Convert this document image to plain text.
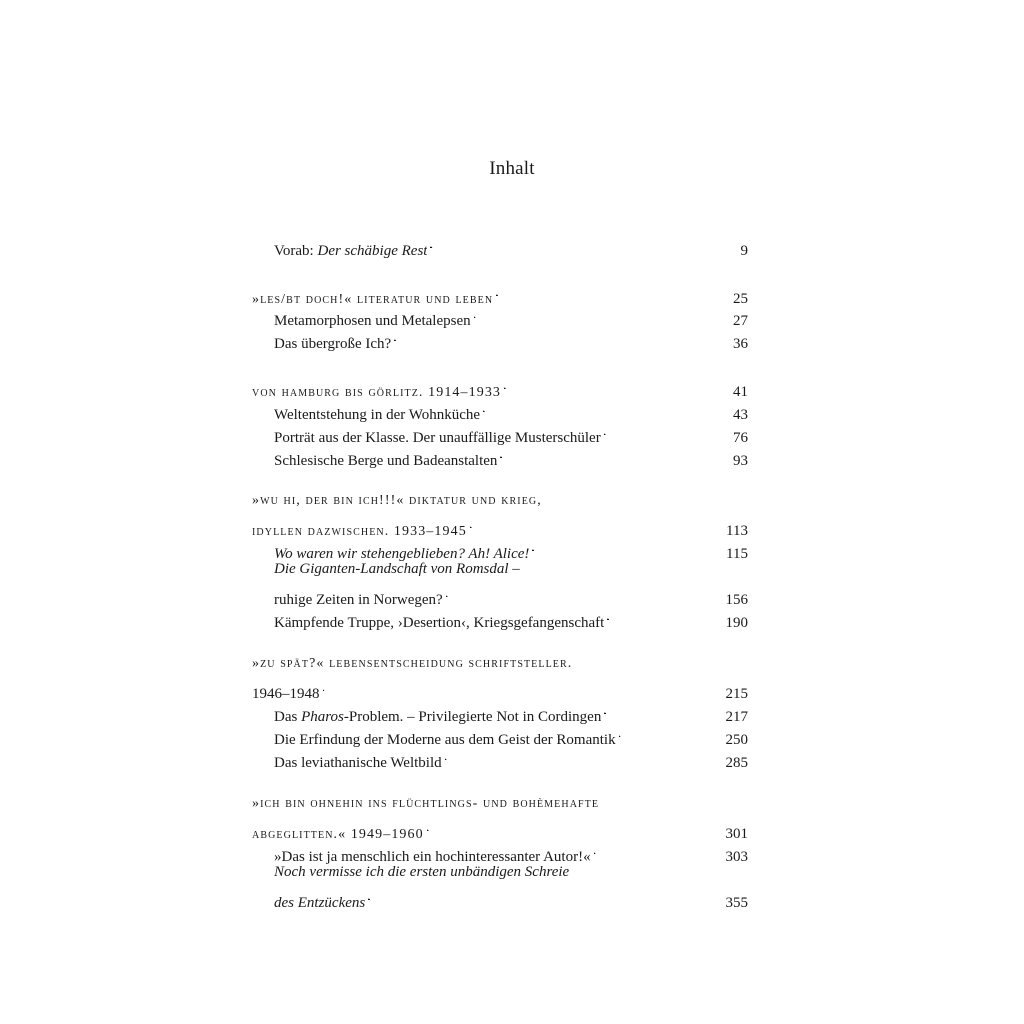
Inhalt
Vorab: Der schäbige Rest . . .	9
»les/bt doch!« literatur und leben . . .	25
Metamorphosen und Metalepsen . . .	27
Das übergroße Ich? . . .	36
von hamburg bis görlitz. 1914–1933 . . .	41
Weltentstehung in der Wohnküche . . .	43
Porträt aus der Klasse. Der unauffällige Musterschüler . . .	76
Schlesische Berge und Badeanstalten . . .	93
»wu hi, der bin ich!!!« diktatur und krieg,
idyllen dazwischen. 1933–1945 . . .	113
Wo waren wir stehengeblieben? Ah! Alice! . . .	115
Die Giganten-Landschaft von Romsdal –
ruhige Zeiten in Norwegen? . . .	156
Kämpfende Truppe, ›Desertion‹, Kriegsgefangenschaft . . .	190
»zu spät?« lebensentscheidung schriftsteller.
1946–1948 . . .	215
Das Pharos-Problem. – Privilegierte Not in Cordingen . . .	217
Die Erfindung der Moderne aus dem Geist der Romantik . . .	250
Das leviathanische Weltbild . . .	285
»ich bin ohnehin ins flüchtlings- und bohèmehafte
abgeglitten.« 1949–1960 . . .	301
»Das ist ja menschlich ein hochinteressanter Autor!« . . .	303
Noch vermisse ich die ersten unbändigen Schreie
des Entzückens . . .	355
